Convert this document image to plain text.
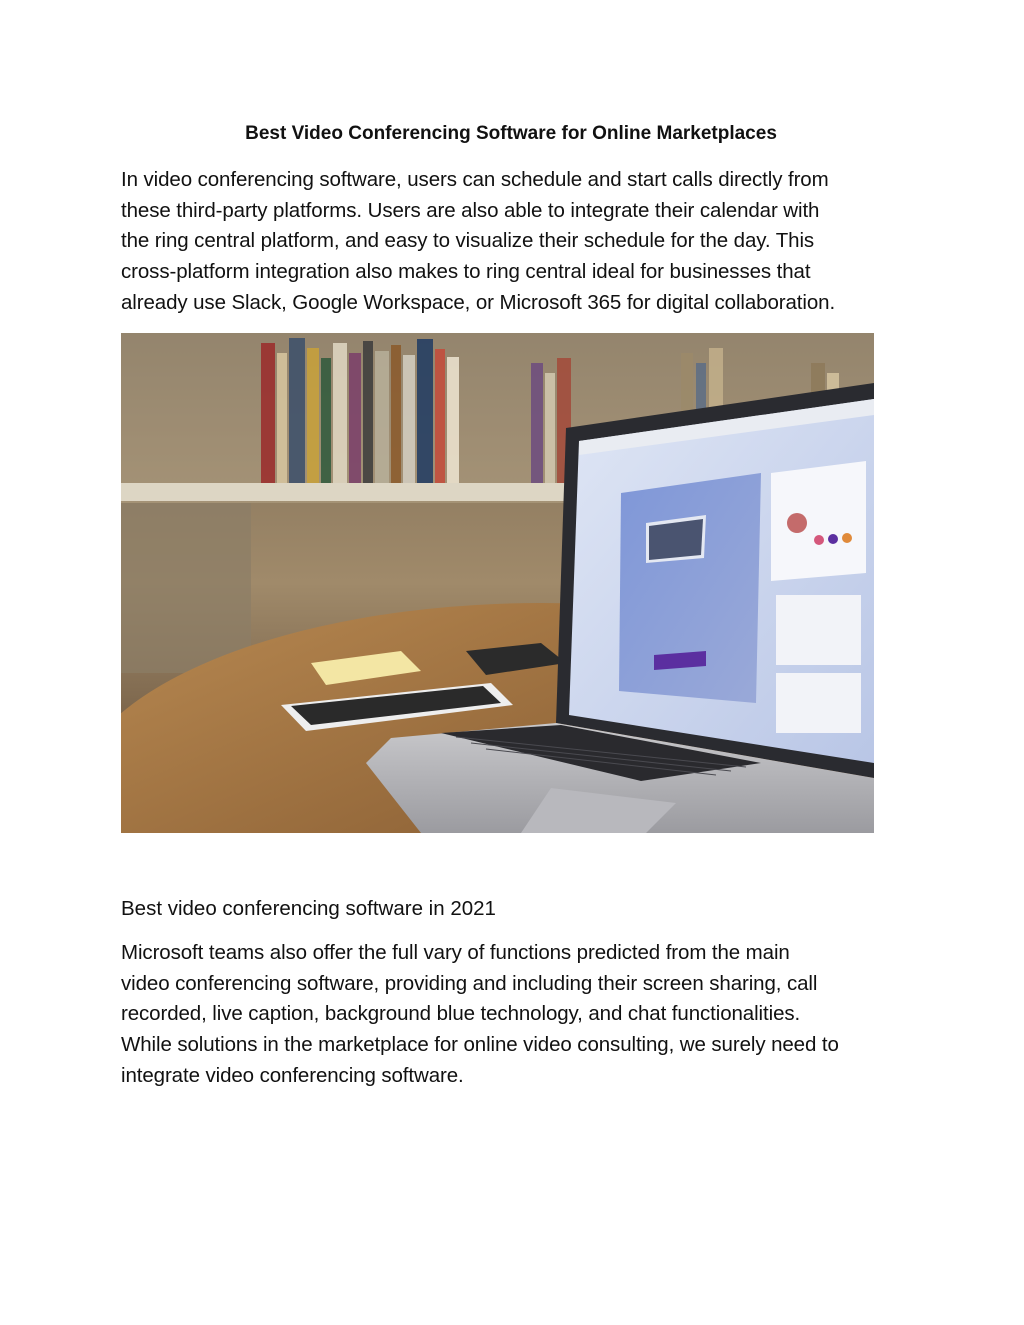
Best Video Conferencing Software for Online Marketplaces

In video conferencing software, users can schedule and start calls directly from
these third-party platforms. Users are also able to integrate their calendar with
the ring central platform, and easy to visualize their schedule for the day. This
cross-platform integration also makes to ring central ideal for businesses that
already use Slack, Google Workspace, or Microsoft 365 for digital collaboration.

Best video conferencing software in 2021

Microsoft teams also offer the full vary of functions predicted from the main
video conferencing software, providing and including their screen sharing, call
recorded, live caption, background blue technology, and chat functionalities.
While solutions in the marketplace for online video consulting, we surely need to
integrate video conferencing software.
